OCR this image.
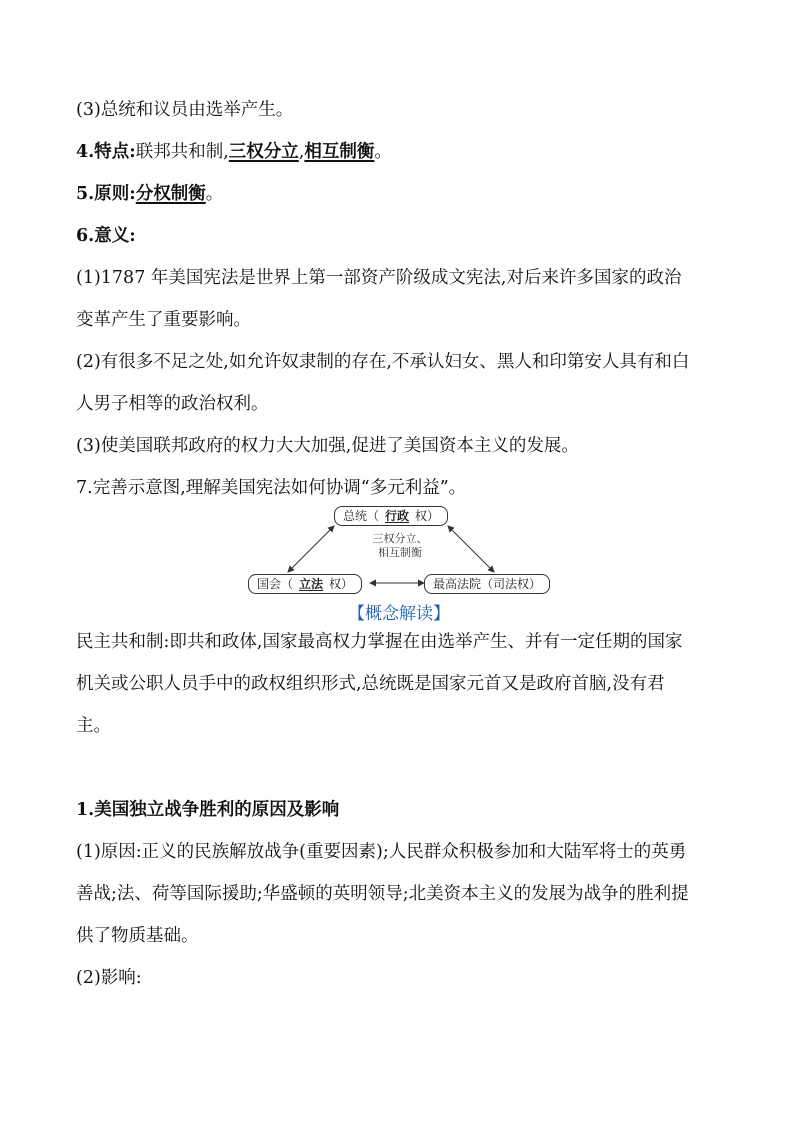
(3)总统和议员由选举产生。

4.特点:联邦共和制,三权分立,相互制衡。

5.原则:分权制衡。

6.意义:

(1)1787 年美国宪法是世界上第一部资产阶级成文宪法,对后来许多国家的政治

变革产生了重要影响。

(2)有很多不足之处,如允许奴隶制的存在,不承认妇女、黑人和印第安人具有和白

人男子相等的政治权利。

(3)使美国联邦政府的权力大大加强,促进了美国资本主义的发展。

7.完善示意图,理解美国宪法如何协调“多元利益”。

总统（ 行政 权）
三权分立、
相互制衡
国会（ 立法 权）	最高法院（司法权）
【概念解读】

民主共和制:即共和政体,国家最高权力掌握在由选举产生、并有一定任期的国家

机关或公职人员手中的政权组织形式,总统既是国家元首又是政府首脑,没有君

主。

1.美国独立战争胜利的原因及影响

(1)原因:正义的民族解放战争(重要因素);人民群众积极参加和大陆军将士的英勇

善战;法、荷等国际援助;华盛顿的英明领导;北美资本主义的发展为战争的胜利提

供了物质基础。

(2)影响:
